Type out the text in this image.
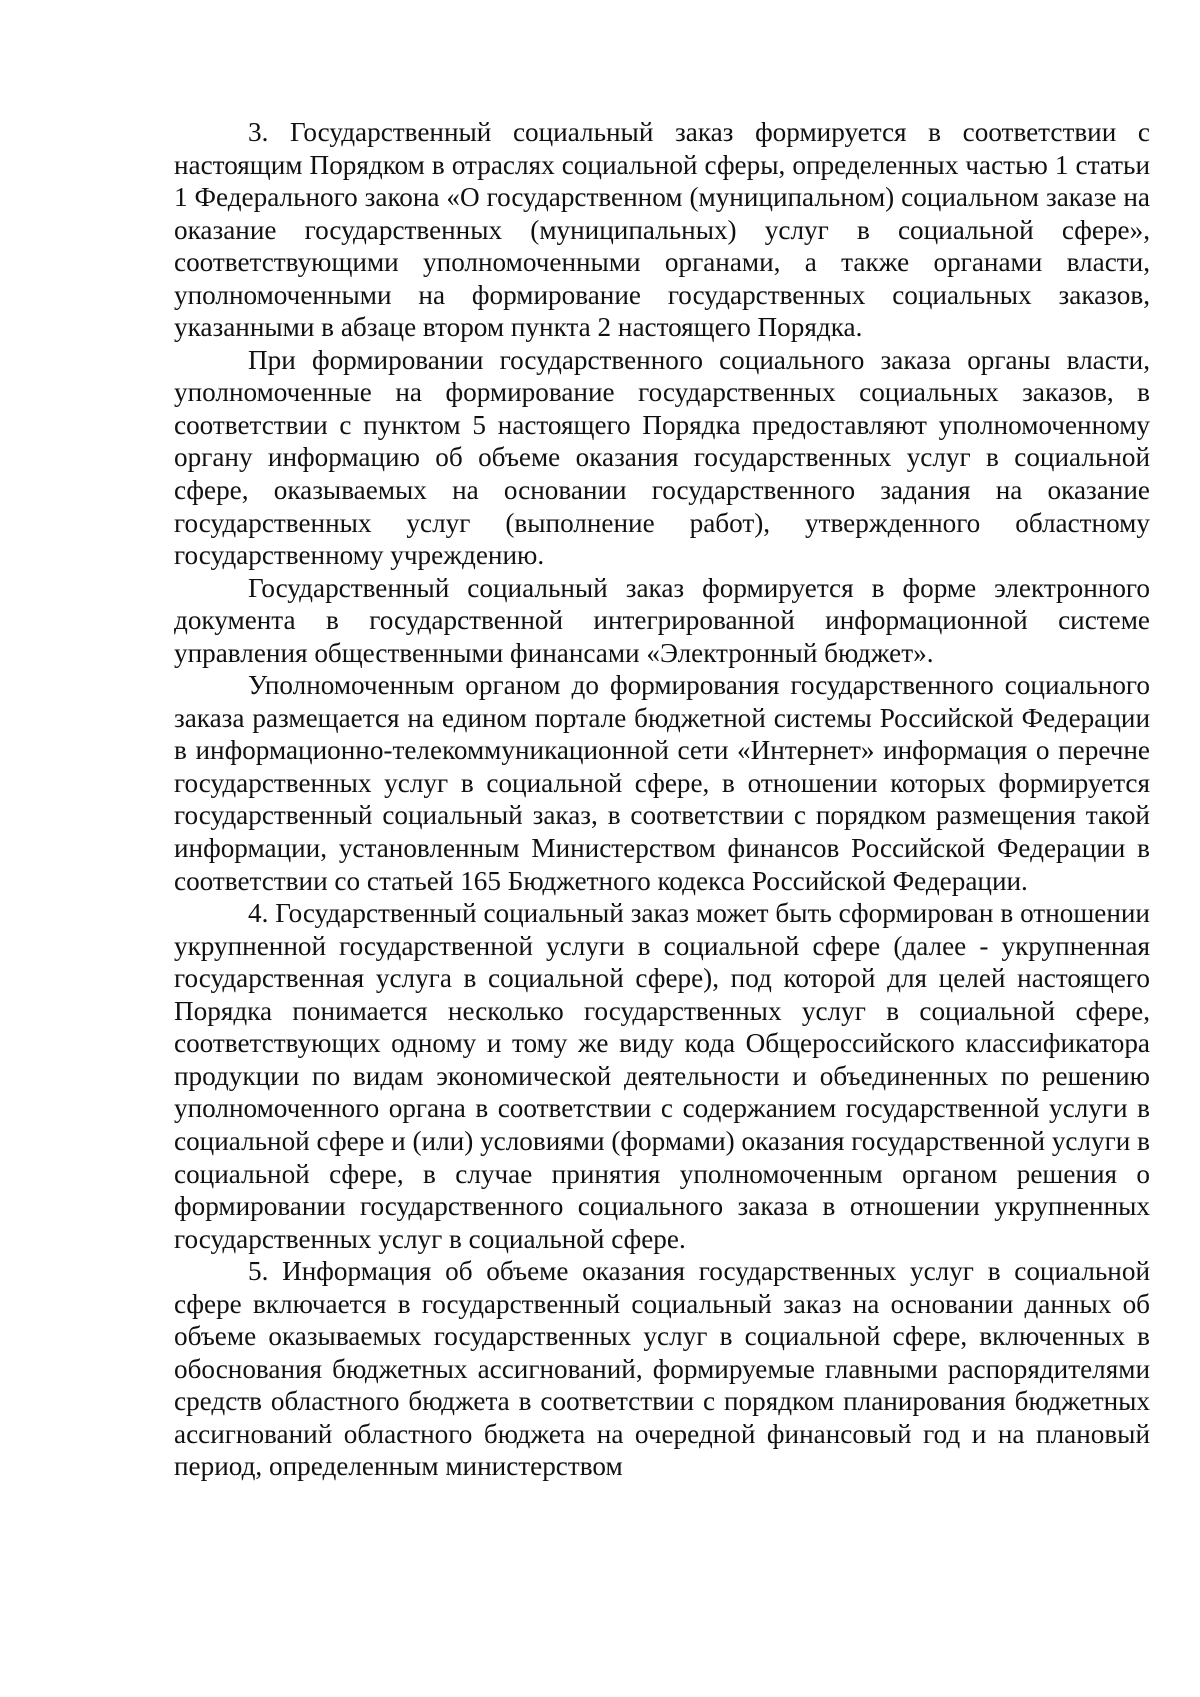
3. Государственный социальный заказ формируется в соответствии с настоящим Порядком в отраслях социальной сферы, определенных частью 1 статьи 1 Федерального закона «О государственном (муниципальном) социальном заказе на оказание государственных (муниципальных) услуг в социальной сфере», соответствующими уполномоченными органами, а также органами власти, уполномоченными на формирование государственных социальных заказов, указанными в абзаце втором пункта 2 настоящего Порядка.

При формировании государственного социального заказа органы власти, уполномоченные на формирование государственных социальных заказов, в соответствии с пунктом 5 настоящего Порядка предоставляют уполномоченному органу информацию об объеме оказания государственных услуг в социальной сфере, оказываемых на основании государственного задания на оказание государственных услуг (выполнение работ), утвержденного областному государственному учреждению.

Государственный социальный заказ формируется в форме электронного документа в государственной интегрированной информационной системе управления общественными финансами «Электронный бюджет».

Уполномоченным органом до формирования государственного социального заказа размещается на едином портале бюджетной системы Российской Федерации в информационно-телекоммуникационной сети «Интернет» информация о перечне государственных услуг в социальной сфере, в отношении которых формируется государственный социальный заказ, в соответствии с порядком размещения такой информации, установленным Министерством финансов Российской Федерации в соответствии со статьей 165 Бюджетного кодекса Российской Федерации.

4. Государственный социальный заказ может быть сформирован в отношении укрупненной государственной услуги в социальной сфере (далее - укрупненная государственная услуга в социальной сфере), под которой для целей настоящего Порядка понимается несколько государственных услуг в социальной сфере, соответствующих одному и тому же виду кода Общероссийского классификатора продукции по видам экономической деятельности и объединенных по решению уполномоченного органа в соответствии с содержанием государственной услуги в социальной сфере и (или) условиями (формами) оказания государственной услуги в социальной сфере, в случае принятия уполномоченным органом решения о формировании государственного социального заказа в отношении укрупненных государственных услуг в социальной сфере.

5. Информация об объеме оказания государственных услуг в социальной сфере включается в государственный социальный заказ на основании данных об объеме оказываемых государственных услуг в социальной сфере, включенных в обоснования бюджетных ассигнований, формируемые главными распорядителями средств областного бюджета в соответствии с порядком планирования бюджетных ассигнований областного бюджета на очередной финансовый год и на плановый период, определенным министерством
